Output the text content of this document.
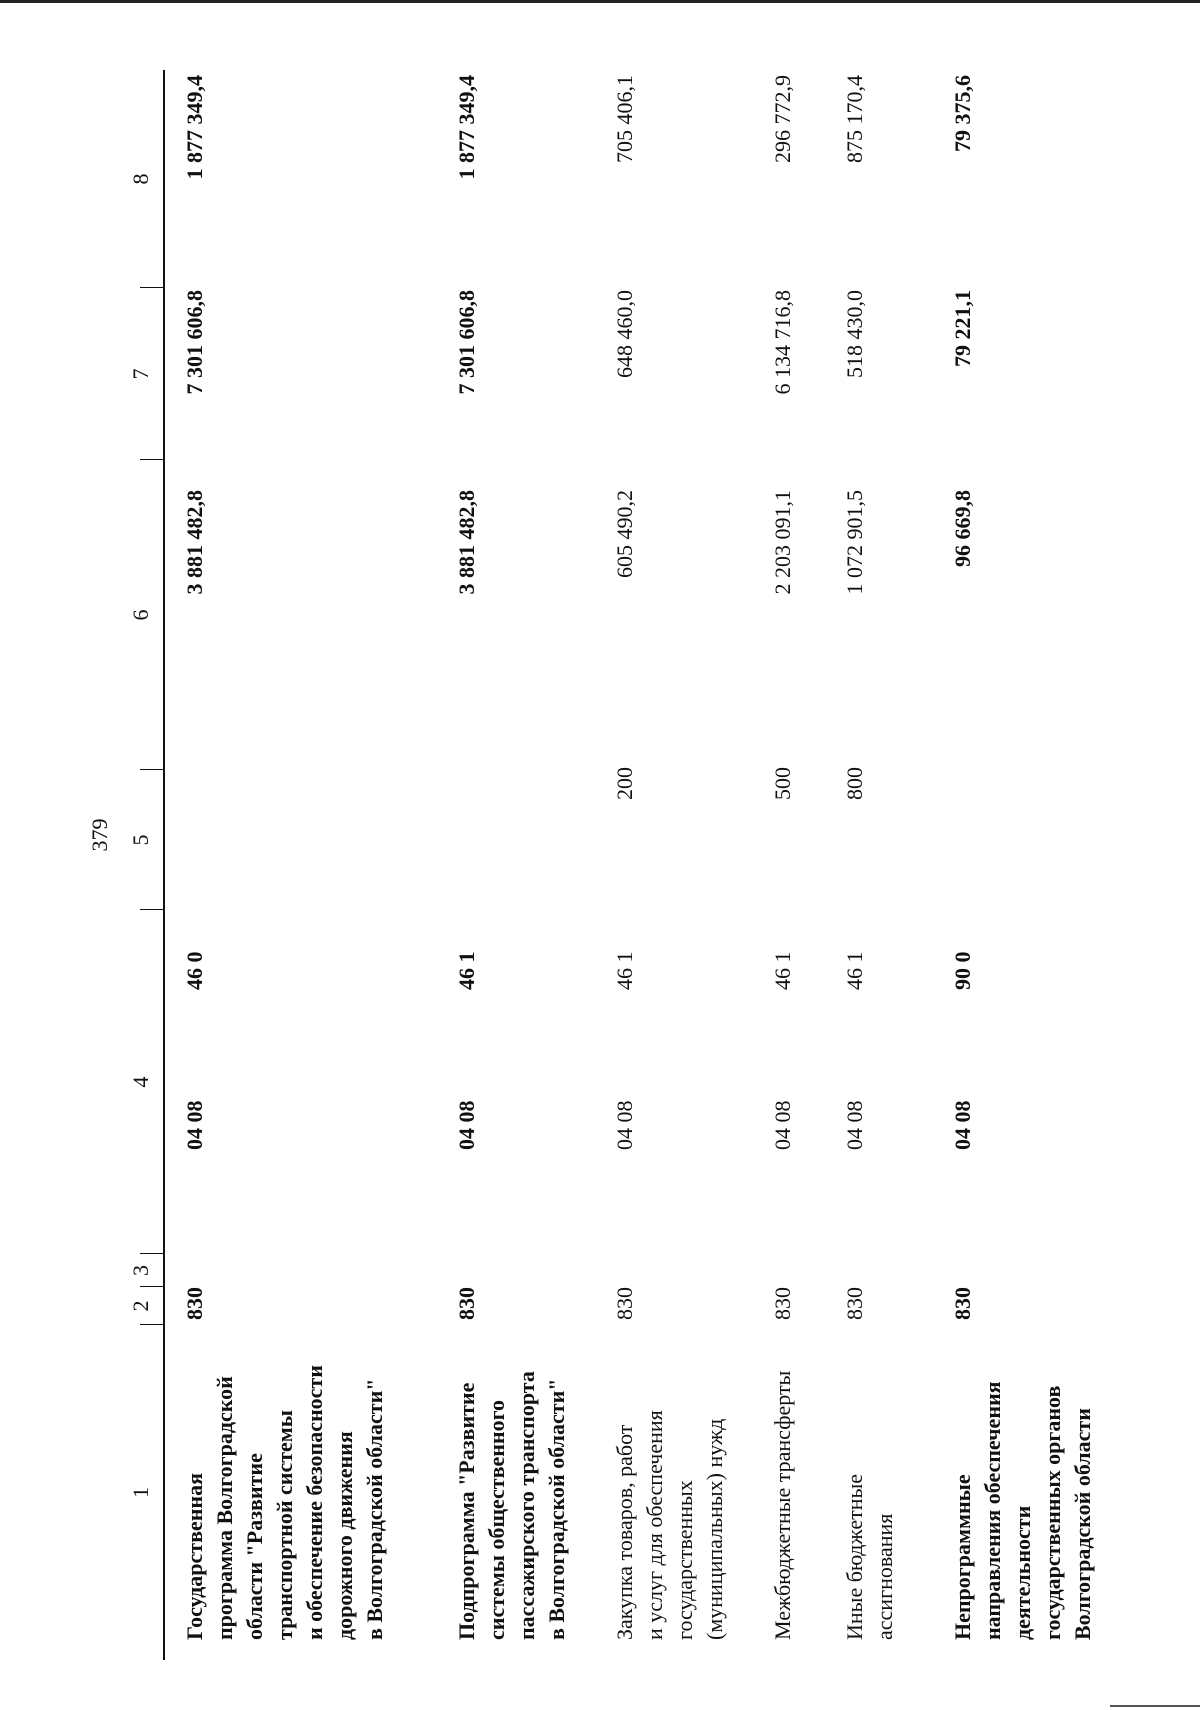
379
1
2
3
4
5
6
7
8
Государственная программа Волгоградской области "Развитие транспортной системы и обеспечение безопасности дорожного движения в Волгоградской области"
830
04 08
46 0
3 881 482,8
7 301 606,8
1 877 349,4
Подпрограмма "Развитие системы общественного пассажирского транспорта в Волгоградской области"
830
04 08
46 1
3 881 482,8
7 301 606,8
1 877 349,4
Закупка товаров, работ и услуг для обеспечения государственных (муниципальных) нужд
830
04 08
46 1
200
605 490,2
648 460,0
705 406,1
Межбюджетные трансферты
830
04 08
46 1
500
2 203 091,1
6 134 716,8
296 772,9
Иные бюджетные ассигнования
830
04 08
46 1
800
1 072 901,5
518 430,0
875 170,4
Непрограммные направления обеспечения деятельности государственных органов Волгоградской области
830
04 08
90 0
96 669,8
79 221,1
79 375,6
